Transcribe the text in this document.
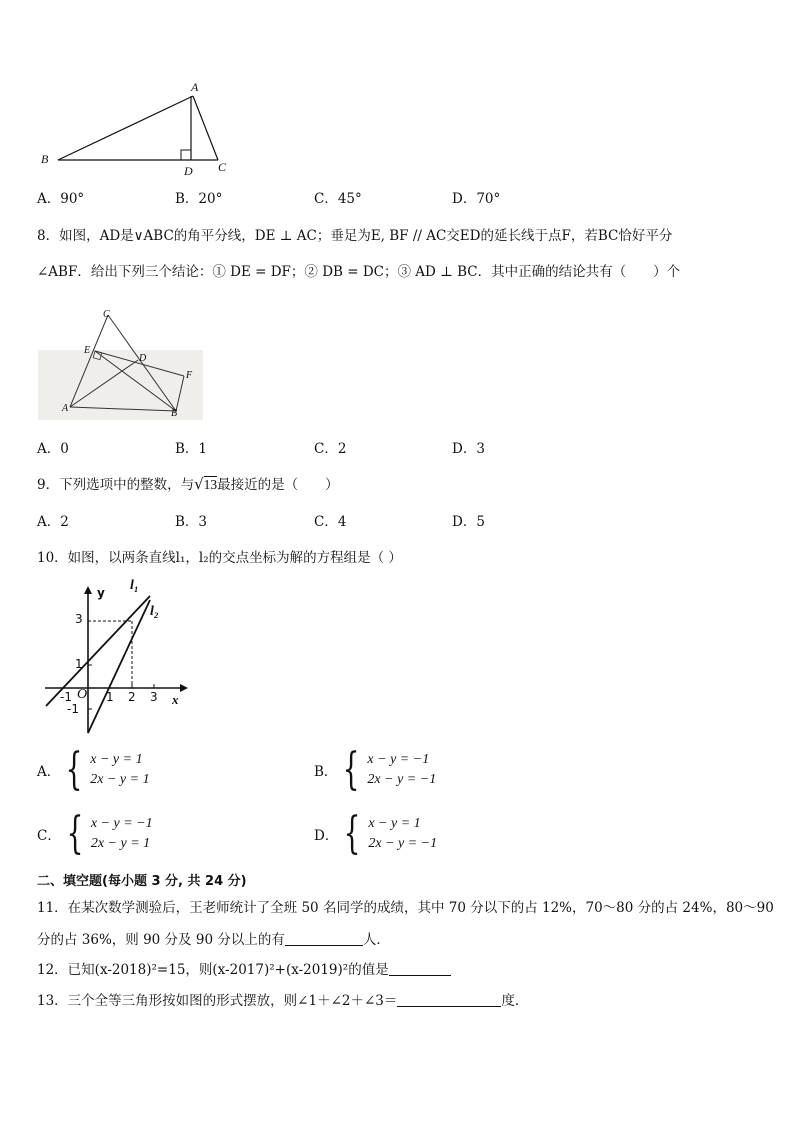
A
B
C
D
A．90°	B．20°	C．45°	D．70°
8．如图，AD是∨ABC的角平分线，DE ⊥ AC；垂足为E, BF // AC交ED的延长线于点F，若BC恰好平分
∠ABF．给出下列三个结论：① DE = DF；② DB = DC；③ AD ⊥ BC．其中正确的结论共有（　　）个
C
E
D
F
A	B
A．0	B．1	C．2	D．3
9．下列选项中的整数，与√13最接近的是（　　）
A．2	B．3	C．4	D．5
10．如图，以两条直线l₁，l₂的交点坐标为解的方程组是（ ）
y l₁
l₂
3
1
-1
-1 O 1 2 3 x
A． { x − y = 1
2x − y = 1	B． { x − y = −1
2x − y = −1
C． { x − y = −1
2x − y = 1	D． { x − y = 1
2x − y = −1
二、填空题(每小题 3 分, 共 24 分)
11．在某次数学测验后，王老师统计了全班 50 名同学的成绩，其中 70 分以下的占 12%，70～80 分的占 24%，80～90
分的占 36%，则 90 分及 90 分以上的有	人．
12．已知(x-2018)²=15，则(x-2017)²+(x-2019)²的值是
13．三个全等三角形按如图的形式摆放，则∠1＋∠2＋∠3＝	度．
